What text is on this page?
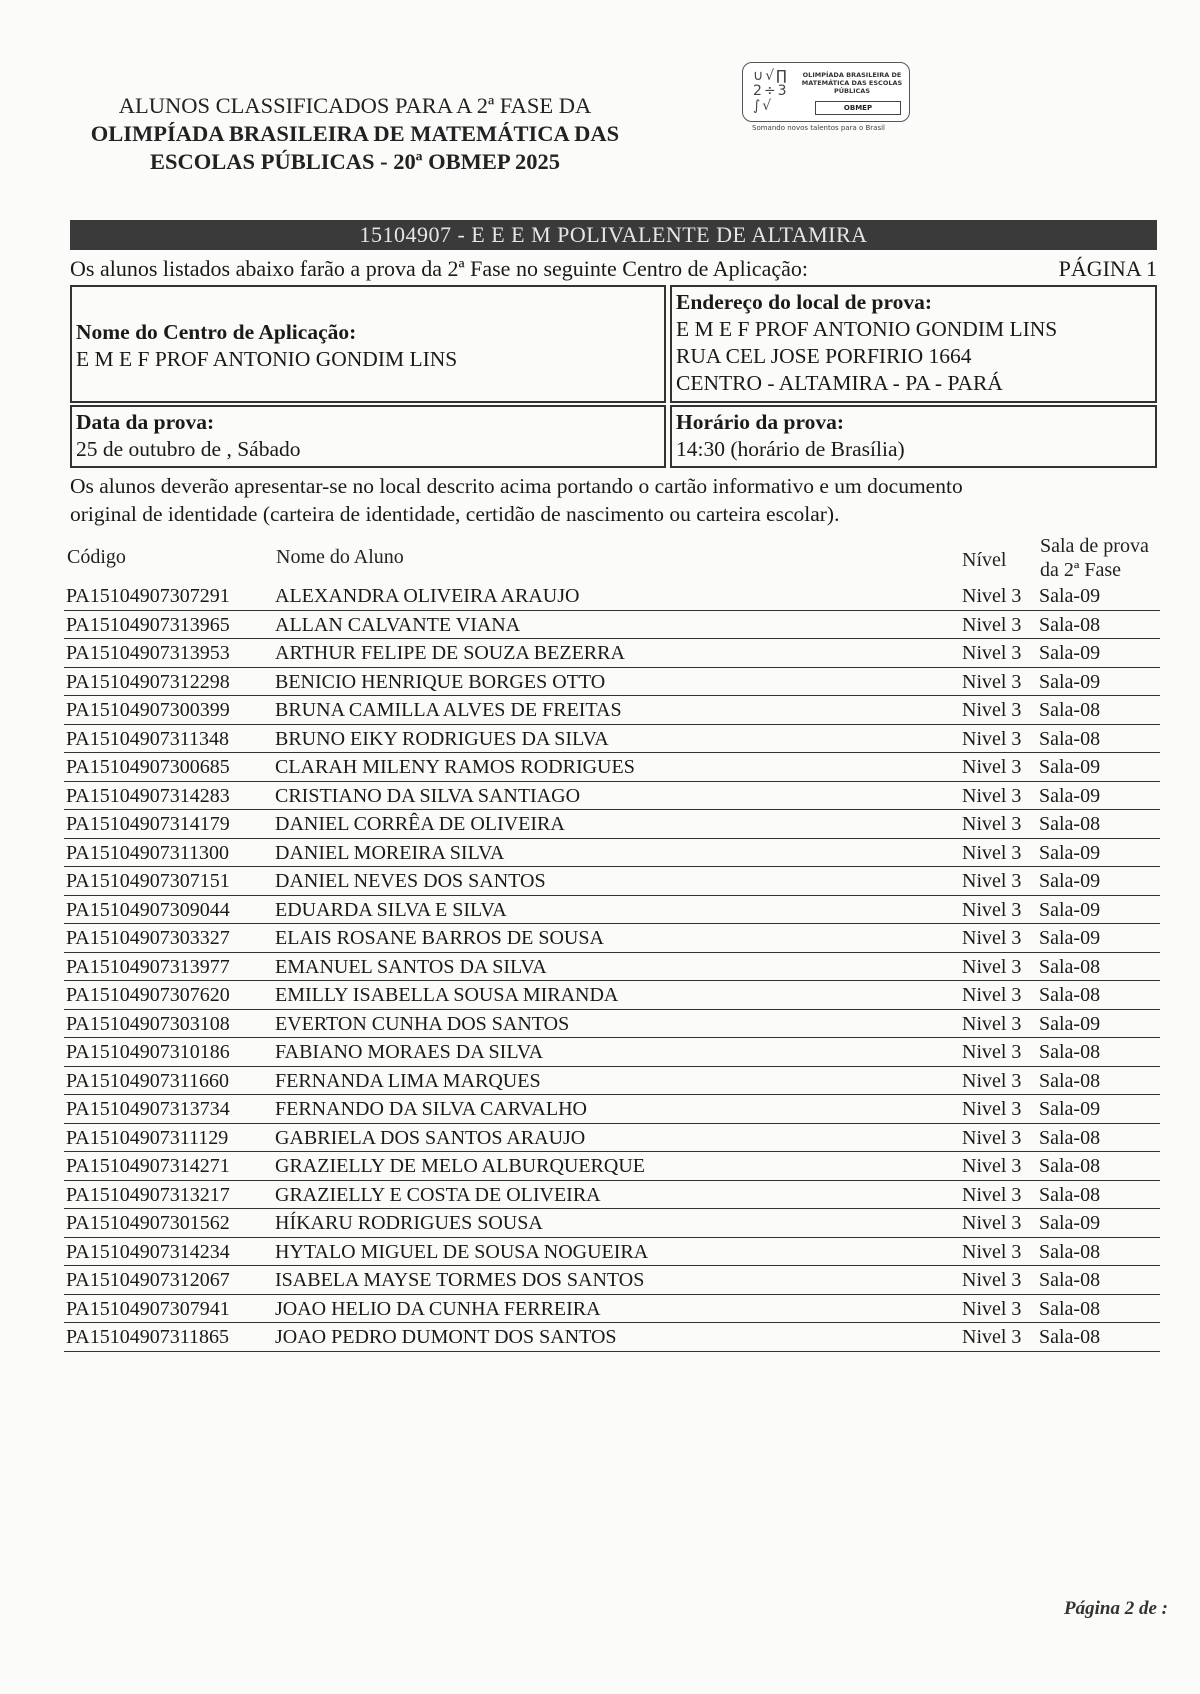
ALUNOS CLASSIFICADOS PARA A 2ª FASE DA
OLIMPÍADA BRASILEIRA DE MATEMÁTICA DAS
ESCOLAS PÚBLICAS - 20ª OBMEP 2025
∪√∏
2÷3
∫√
OLIMPÍADA BRASILEIRA DE MATEMÁTICA DAS ESCOLAS PÚBLICAS
OBMEP
Somando novos talentos para o Brasil
15104907 - E E E M POLIVALENTE DE ALTAMIRA
Os alunos listados abaixo farão a prova da 2ª Fase no seguinte Centro de Aplicação:	PÁGINA 1
Nome do Centro de Aplicação:
E M E F PROF ANTONIO GONDIM LINS
Endereço do local de prova:
E M E F PROF ANTONIO GONDIM LINS
RUA CEL JOSE PORFIRIO 1664
CENTRO - ALTAMIRA - PA - PARÁ
Data da prova:
25 de outubro de , Sábado
Horário da prova:
14:30 (horário de Brasília)
Os alunos deverão apresentar-se no local descrito acima portando o cartão informativo e um documento
original de identidade (carteira de identidade, certidão de nascimento ou carteira escolar).
Código	Nome do Aluno	Nível
Sala de prova
da 2ª Fase
PA15104907307291 ALEXANDRA OLIVEIRA ARAUJO	Nivel 3 Sala-09
PA15104907313965 ALLAN CALVANTE VIANA	Nivel 3 Sala-08
PA15104907313953 ARTHUR FELIPE DE SOUZA BEZERRA	Nivel 3 Sala-09
PA15104907312298 BENICIO HENRIQUE BORGES OTTO	Nivel 3 Sala-09
PA15104907300399 BRUNA CAMILLA ALVES DE FREITAS	Nivel 3 Sala-08
PA15104907311348 BRUNO EIKY RODRIGUES DA SILVA	Nivel 3 Sala-08
PA15104907300685 CLARAH MILENY RAMOS RODRIGUES	Nivel 3 Sala-09
PA15104907314283 CRISTIANO DA SILVA SANTIAGO	Nivel 3 Sala-09
PA15104907314179 DANIEL CORRÊA DE OLIVEIRA	Nivel 3 Sala-08
PA15104907311300 DANIEL MOREIRA SILVA	Nivel 3 Sala-09
PA15104907307151 DANIEL NEVES DOS SANTOS	Nivel 3 Sala-09
PA15104907309044 EDUARDA SILVA E SILVA	Nivel 3 Sala-09
PA15104907303327 ELAIS ROSANE BARROS DE SOUSA	Nivel 3 Sala-09
PA15104907313977 EMANUEL SANTOS DA SILVA	Nivel 3 Sala-08
PA15104907307620 EMILLY ISABELLA SOUSA MIRANDA	Nivel 3 Sala-08
PA15104907303108 EVERTON CUNHA DOS SANTOS	Nivel 3 Sala-09
PA15104907310186 FABIANO MORAES DA SILVA	Nivel 3 Sala-08
PA15104907311660 FERNANDA LIMA MARQUES	Nivel 3 Sala-08
PA15104907313734 FERNANDO DA SILVA CARVALHO	Nivel 3 Sala-09
PA15104907311129 GABRIELA DOS SANTOS ARAUJO	Nivel 3 Sala-08
PA15104907314271 GRAZIELLY DE MELO ALBURQUERQUE	Nivel 3 Sala-08
PA15104907313217 GRAZIELLY E COSTA DE OLIVEIRA	Nivel 3 Sala-08
PA15104907301562 HÍKARU RODRIGUES SOUSA	Nivel 3 Sala-09
PA15104907314234 HYTALO MIGUEL DE SOUSA NOGUEIRA	Nivel 3 Sala-08
PA15104907312067 ISABELA MAYSE TORMES DOS SANTOS	Nivel 3 Sala-08
PA15104907307941 JOAO HELIO DA CUNHA FERREIRA	Nivel 3 Sala-08
PA15104907311865 JOAO PEDRO DUMONT DOS SANTOS	Nivel 3 Sala-08
Página 2 de :
